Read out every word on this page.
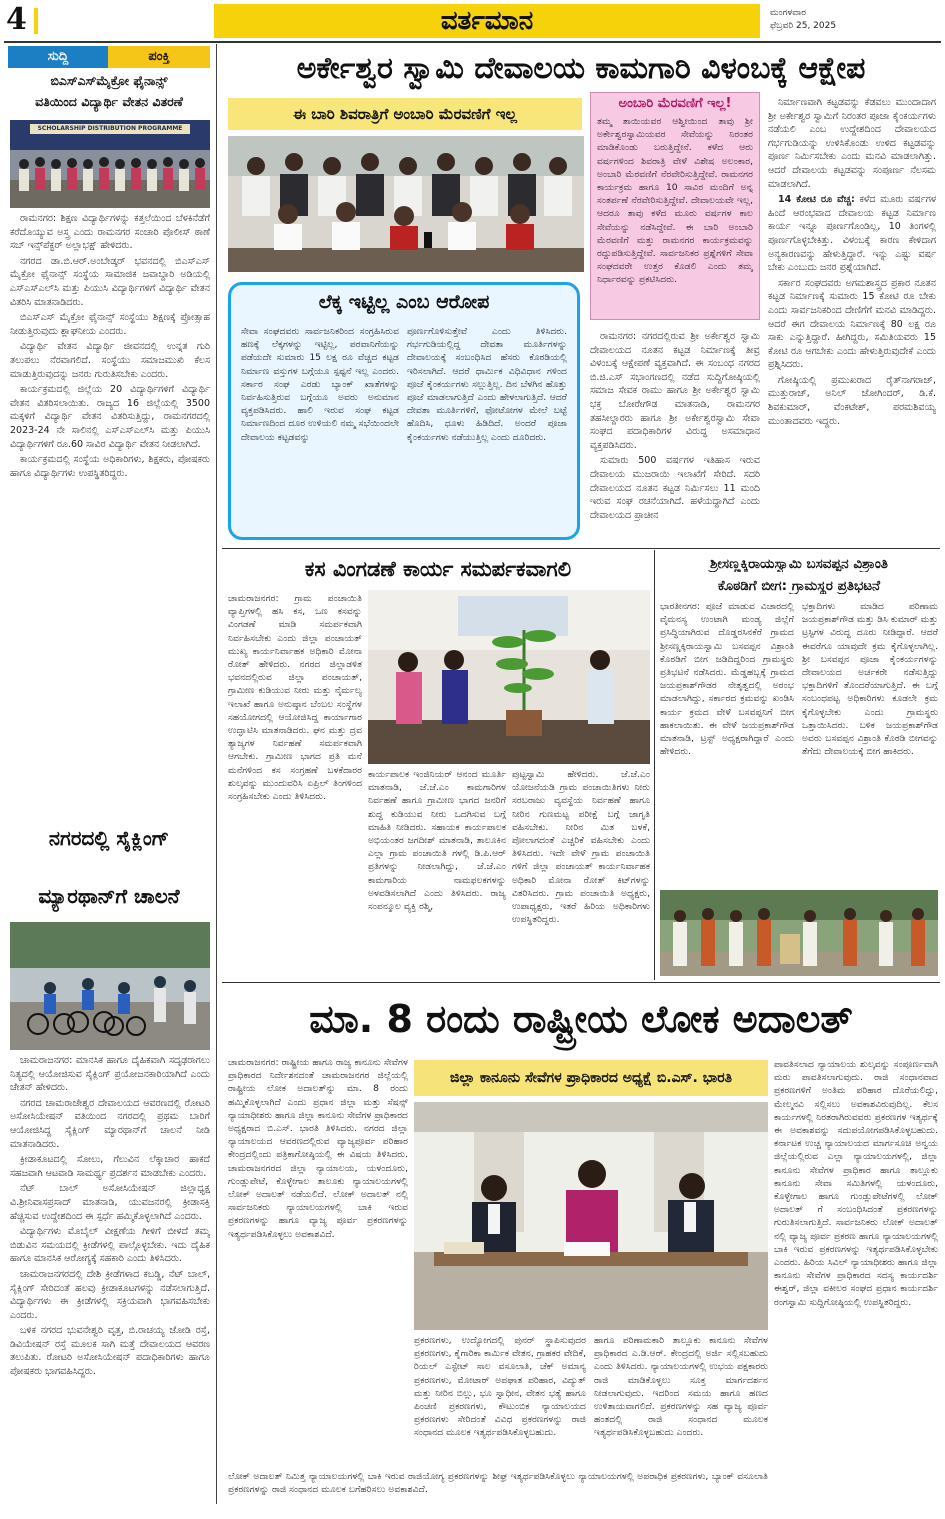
4	ವರ್ತಮಾನ	ಮಂಗಳವಾರ
ಫೆಬ್ರವರಿ 25, 2025
ಸುದ್ದಿ	ಪಂಕ್ತಿ
ಬಿಎಸ್‌ಎಸ್‌ಮೈಕ್ರೋ ಫೈನಾನ್ಸ್
ವತಿಯಿಂದ ವಿದ್ಯಾರ್ಥಿ ವೇತನ ವಿತರಣೆ
SCHOLARSHIP DISTRIBUTION PROGRAMME

ರಾಮನಗರ: ಶಿಕ್ಷಣ ವಿದ್ಯಾರ್ಥಿಗಳನ್ನು ಕತ್ತಲೆಯಿಂದ ಬೆಳಕಿನೆಡೆಗೆ ಕರೆದೊಯ್ಯುವ ಅಸ್ತ್ರ ಎಂದು ರಾಮನಗರ ಸಂಚಾರಿ ಪೊಲೀಸ್ ಠಾಣೆ ಸಬ್ ಇನ್ಸ್‌ಪೆಕ್ಟರ್ ಅಲ್ಲಾಭಕ್ಷ್ ಹೇಳಿದರು.

ನಗರದ ಡಾ.ಬಿ.ಆರ್.ಅಂಬೇಡ್ಕರ್ ಭವನದಲ್ಲಿ ಬಿಎಸ್‌ಎಸ್ ಮೈಕ್ರೋ ಫೈನಾನ್ಸ್ ಸಂಸ್ಥೆಯ ಸಾಮಾಜಿಕ ಜವಾಬ್ದಾರಿ ಅಡಿಯಲ್ಲಿ ಎಸ್ಎಸ್ಎಲ್‌ಸಿ ಮತ್ತು ಪಿಯುಸಿ ವಿದ್ಯಾರ್ಥಿಗಳಿಗೆ ವಿದ್ಯಾರ್ಥಿ ವೇತನ ವಿತರಿಸಿ ಮಾತನಾಡಿದರು.

ಬಿಎಸ್‌ಎಸ್ ಮೈಕ್ರೋ ಫೈನಾನ್ಸ್ ಸಂಸ್ಥೆಯು ಶಿಕ್ಷಣಕ್ಕೆ ಪ್ರೋತ್ಸಾಹ ನೀಡುತ್ತಿರುವುದು ಶ್ಲಾಘನೀಯ ಎಂದರು.

ವಿದ್ಯಾರ್ಥಿ ವೇತನ ವಿದ್ಯಾರ್ಥಿ ಜೀವನದಲ್ಲಿ ಉನ್ನತ ಗುರಿ ತಲುಪಲು ನೆರವಾಗಲಿದೆ. ಸಂಸ್ಥೆಯು ಸಮಾಜಮುಖಿ ಕೆಲಸ ಮಾಡುತ್ತಿರುವುದನ್ನು ಜನರು ಗುರುತಿಸಬೇಕು ಎಂದರು.

ಕಾರ್ಯಕ್ರಮದಲ್ಲಿ ಜಿಲ್ಲೆಯ 20 ವಿದ್ಯಾರ್ಥಿಗಳಿಗೆ ವಿದ್ಯಾರ್ಥಿ ವೇತನ ವಿತರಿಸಲಾಯಿತು. ರಾಜ್ಯದ 16 ಜಿಲ್ಲೆಯಲ್ಲಿ 3500 ಮಕ್ಕಳಿಗೆ ವಿದ್ಯಾರ್ಥಿ ವೇತನ ವಿತರಿಸುತ್ತಿದ್ದು, ರಾಮನಗರದಲ್ಲಿ 2023-24 ನೇ ಸಾಲಿನಲ್ಲಿ ಎಸ್ಎಸ್ಎಲ್‌ಸಿ ಮತ್ತು ಪಿಯುಸಿ ವಿದ್ಯಾರ್ಥಿಗಳಿಗೆ ರೂ.60 ಸಾವಿರ ವಿದ್ಯಾರ್ಥಿ ವೇತನ ನೀಡಲಾಗಿದೆ.

ಕಾರ್ಯಕ್ರಮದಲ್ಲಿ ಸಂಸ್ಥೆಯ ಅಧಿಕಾರಿಗಳು, ಶಿಕ್ಷಕರು, ಪೋಷಕರು ಹಾಗೂ ವಿದ್ಯಾರ್ಥಿಗಳು ಉಪಸ್ಥಿತರಿದ್ದರು.

ನಗರದಲ್ಲಿ ಸೈಕ್ಲಿಂಗ್
ಮ್ಯಾರಥಾನ್‌ಗೆ ಚಾಲನೆ

ಚಾಮರಾಜನಗರ: ಮಾನಸಿಕ ಹಾಗೂ ದೈಹಿಕವಾಗಿ ಸದೃಢರಾಗಲು ನಿತ್ಯದಲ್ಲಿ ಆಯೋಜಿಸುವ ಸೈಕ್ಲಿಂಗ್ ಪ್ರಯೋಜನಕಾರಿಯಾಗಿದೆ ಎಂದು ಚೇತನ್ ಹೇಳಿದರು.

ನಗರದ ಚಾಮರಾಜೇಶ್ವರ ದೇವಾಲಯದ ಆವರಣದಲ್ಲಿ ರೋಟರಿ ಅಸೋಸಿಯೇಷನ್ ವತಿಯಿಂದ ನಗರದಲ್ಲಿ ಪ್ರಥಮ ಬಾರಿಗೆ ಆಯೋಜಿಸಿದ್ದ ಸೈಕ್ಲಿಂಗ್ ಮ್ಯಾರಥಾನ್‌ಗೆ ಚಾಲನೆ ನೀಡಿ ಮಾತನಾಡಿದರು.

ಕ್ರೀಡಾಕೂಟದಲ್ಲಿ ಸೋಲು, ಗೆಲುವಿನ ಲೆಕ್ಕಾಚಾರ ಹಾಕದೆ ಸಹಜವಾಗಿ ಆಟವಾಡಿ ಸಾಮರ್ಥ್ಯ ಪ್ರದರ್ಶನ ಮಾಡಬೇಕು ಎಂದರು.

ನೆಟ್ ಬಾಲ್ ಅಸೋಸಿಯೇಷನ್ ಜಿಲ್ಲಾಧ್ಯಕ್ಷ ವಿ.ಶ್ರೀನಿವಾಸಪ್ರಸಾದ್ ಮಾತನಾಡಿ, ಯುವಜನರಲ್ಲಿ ಕ್ರೀಡಾಸಕ್ತಿ ಹೆಚ್ಚಿಸುವ ಉದ್ದೇಶದಿಂದ ಈ ಸ್ಪರ್ಧೆ ಹಮ್ಮಿಕೊಳ್ಳಲಾಗಿದೆ ಎಂದರು.

ವಿದ್ಯಾರ್ಥಿಗಳು ಮೊಬೈಲ್ ವೀಕ್ಷಣೆಯ ಗೀಳಿಗೆ ಬೀಳದೆ ತಮ್ಮ ಬಿಡುವಿನ ಸಮಯದಲ್ಲಿ ಕ್ರೀಡೆಗಳಲ್ಲಿ ಪಾಲ್ಗೊಳ್ಳಬೇಕು. ಇದು ದೈಹಿಕ ಹಾಗೂ ಮಾನಸಿಕ ಆರೋಗ್ಯಕ್ಕೆ ಸಹಕಾರಿ ಎಂದು ತಿಳಿಸಿದರು.

ಚಾಮರಾಜನಗರದಲ್ಲಿ ದೇಶಿ ಕ್ರೀಡೆಗಳಾದ ಕಬಡ್ಡಿ, ನೆಟ್ ಬಾಲ್, ಸೈಕ್ಲಿಂಗ್ ಸೇರಿದಂತೆ ಹಲವು ಕ್ರೀಡಾಕೂಟಗಳನ್ನು ನಡೆಸಲಾಗುತ್ತಿದೆ. ವಿದ್ಯಾರ್ಥಿಗಳು ಈ ಕ್ರೀಡೆಗಳಲ್ಲಿ ಸಕ್ರಿಯವಾಗಿ ಭಾಗವಹಿಸಬೇಕು ಎಂದರು.

ಬಳಿಕ ನಗರದ ಭುವನೇಶ್ವರಿ ವೃತ್ತ, ಬಿ.ರಾಚಯ್ಯ ಜೋಡಿ ರಸ್ತೆ, ಡಿವಿಯೇಷನ್ ರಸ್ತೆ ಮೂಲಕ ಸಾಗಿ ಮತ್ತೆ ದೇವಾಲಯದ ಆವರಣ ತಲುಪಿತು. ರೋಟರಿ ಅಸೋಸಿಯೇಷನ್ ಪದಾಧಿಕಾರಿಗಳು ಹಾಗೂ ಪೋಷಕರು ಭಾಗವಹಿಸಿದ್ದರು.

ಅರ್ಕೇಶ್ವರ ಸ್ವಾಮಿ ದೇವಾಲಯ ಕಾಮಗಾರಿ ವಿಳಂಬಕ್ಕೆ ಆಕ್ಷೇಪ
ಈ ಬಾರಿ ಶಿವರಾತ್ರಿಗೆ ಅಂಬಾರಿ ಮೆರವಣಿಗೆ ಇಲ್ಲ
ಅಂಬಾರಿ ಮೆರವಣಿಗೆ ಇಲ್ಲ!
ತಮ್ಮ ತಾಯಿಯವರ ಆಶ್ವೀಯಿಂದ ತಾವು ಶ್ರೀ ಅರ್ಕೇಶ್ವರಸ್ವಾಮಿಯವರ ಸೇವೆಯನ್ನು ನಿರಂತರ ಮಾಡಿಕೊಂಡು ಬರುತ್ತಿದ್ದೇನೆ. ಕಳೆದ ಆರು ವರ್ಷಗಳಿಂದ ಶಿವರಾತ್ರಿ ವೇಳೆ ವಿಶೇಷ ಅಲಂಕಾರ, ಅಂಬಾರಿ ಮೆರವಣಿಗೆ ನೆರವೇರಿಸುತ್ತಿದ್ದೇವೆ. ರಾಮನಗರ ಕಾರ್ಯಕ್ರಮ ಹಾಗೂ 10 ಸಾವಿರ ಮಂದಿಗೆ ಅನ್ನ ಸಂತರ್ಪಣೆ ನೆರವೇರಿಸುತ್ತಿದ್ದೇವೆ. ದೇವಾಲಯವೇ ಇಲ್ಲ, ಆದರೂ ತಾವು ಕಳೆದ ಮೂರು ವರ್ಷಗಳ ಕಾಲ ಸೇವೆಯನ್ನು ನಡೆಸಿದ್ದೇವೆ. ಈ ಬಾರಿ ಅಂಬಾರಿ ಮೆರವಣಿಗೆ ಮತ್ತು ರಾಮನಗರ ಕಾರ್ಯಕ್ರಮವನ್ನು ರದ್ದುಪಡಿಸುತ್ತಿದ್ದೇವೆ. ಸಾರ್ವಜನಿಕರ ಪ್ರಶ್ನೆಗಳಿಗೆ ಸೇವಾ ಸಂಘದವರೇ ಉತ್ತರ ಕೊಡಲಿ ಎಂದು ತಮ್ಮ ನಿರ್ಧಾರವನ್ನು ಪ್ರಕಟಿಸಿದರು.

ನಿರ್ಮಾಣವಾಗಿ ಕಟ್ಟಡವನ್ನು ಕೆಡವಲು ಮುಂದಾದಾಗ ಶ್ರೀ ಅರ್ಕೇಶ್ವರ ಸ್ವಾಮಿಗೆ ನಿರಂತರ ಪೂಜಾ ಕೈಂಕರ್ಯಗಳು ನಡೆಯಲಿ ಎಂಬ ಉದ್ದೇಶದಿಂದ ದೇವಾಲಯದ ಗರ್ಭಗುಡಿಯನ್ನು ಉಳಿಸಿಕೊಂಡು ಉಳಿದ ಕಟ್ಟಡವನ್ನು ಪೂರ್ಣ ನಿರ್ಮಿಸಬೇಕು ಎಂದು ಮನವಿ ಮಾಡಲಾಗಿತ್ತು. ಆದರೆ ದೇವಾಲಯ ಕಟ್ಟಡವನ್ನು ಸಂಪೂರ್ಣ ನೆಲಸಮ ಮಾಡಲಾಗಿದೆ.

14 ಕೋಟಿ ರೂ ವೆಚ್ಚ: ಕಳೆದ ಮೂರು ವರ್ಷಗಳ ಹಿಂದೆ ಆರಂಭವಾದ ದೇವಾಲಯ ಕಟ್ಟಡ ನಿರ್ಮಾಣ ಕಾರ್ಯ ಇನ್ನೂ ಪೂರ್ಣಗೊಂಡಿಲ್ಲ, 10 ತಿಂಗಳಲ್ಲಿ ಪೂರ್ಣಗೊಳ್ಳಬೇಕಿತ್ತು. ವಿಳಂಬಕ್ಕೆ ಕಾರಣ ಕೇಳಿದಾಗ ಅನ್ಯಕಾರಣವನ್ನು ಹೇಳುತ್ತಿದ್ದಾರೆ. ಇನ್ನು ಎಷ್ಟು ವರ್ಷ ಬೇಕು ಎಂಬುದು ಜನರ ಪ್ರಶ್ನೆಯಾಗಿದೆ.

ಸರ್ಕಾರ ಸಂಘದವರು ಅಗಮಶಾಸ್ತ್ರದ ಪ್ರಕಾರ ನೂತನ ಕಟ್ಟಡ ನಿರ್ಮಾಣಕ್ಕೆ ಸುಮಾರು 15 ಕೋಟಿ ರೂ ಬೇಕು ಎಂದು ಸಾರ್ವಜನಿಕರಿಂದ ದೇಣಿಗೆಗೆ ಮನವಿ ಮಾಡಿದ್ದರು. ಆದರೆ ಈಗ ದೇವಾಲಯ ನಿರ್ಮಾಣಕ್ಕೆ 80 ಲಕ್ಷ ರೂ ಸಾಕು ಎನ್ನುತ್ತಿದ್ದಾರೆ. ಹೀಗಿದ್ದರು, ಸಮಿತಿಯವರು 15 ಕೋಟಿ ರೂ ಆಗಬೇಕು ಎಂದು ಹೇಳುತ್ತಿರುವುದೇಕೆ ಎಂದು ಪ್ರಶ್ನಿಸಿದರು.

ಗೋಷ್ಠಿಯಲ್ಲಿ ಪ್ರಮುಖರಾದ ರೈತ್‌ನಾಗರಾಜ್, ಮುತ್ತುರಾಜ್, ಅನಿಲ್ ಜೋಗಿಂದರ್, ಡಿ.ಕೆ. ಶಿವಕುಮಾರ್, ವೆಂಕಟೇಶ್, ಪರಮಶಿವಯ್ಯ ಮುಂತಾದವರು ಇದ್ದರು.

ಲೆಕ್ಕ ಇಟ್ಟಿಲ್ಲ ಎಂಬ ಆರೋಪ
ಸೇವಾ ಸಂಘದವರು ಸಾರ್ವಜನಿಕರಿಂದ ಸಂಗ್ರಹಿಸಿರುವ ಹಣಕ್ಕೆ ಲೆಕ್ಕಗಳನ್ನು ಇಟ್ಟಿಲ್ಲ, ಪರವಾನಿಗೆಯನ್ನು ಪಡೆಯದೇ ಸುಮಾರು 15 ಲಕ್ಷ ರೂ ವೆಚ್ಚದ ಕಟ್ಟಡ ನಿರ್ಮಾಣ ವಸ್ತುಗಳ ಬಗ್ಗೆಯೂ ಸ್ಪಷ್ಟನೆ ಇಲ್ಲ ಎಂದರು. ಸರ್ಕಾರ ಸಂಘ ಎರಡು ಬ್ಯಾಂಕ್ ಖಾತೆಗಳನ್ನು ನಿರ್ವಹಿಸುತ್ತಿರುವ ಬಗ್ಗೆಯೂ ಅವರು ಅನುಮಾನ ವ್ಯಕ್ತಪಡಿಸಿದರು. ಹಾಲಿ ಇರುವ ಸಂಘ ಕಟ್ಟಡ ನಿರ್ಮಾಣದಿಂದ ದೂರ ಉಳಿಯಲಿ ನಮ್ಮ ಸಭೆಯಿಂದಲೇ ದೇವಾಲಯ ಕಟ್ಟಡವನ್ನು
ಪೂರ್ಣಗೊಳಿಸುತ್ತೇವೆ ಎಂದು ತಿಳಿಸಿದರು. ಗರ್ಭಗುಡಿಯಲ್ಲಿದ್ದ ದೇವತಾ ಮೂರ್ತಿಗಳನ್ನು ದೇವಾಲಯಕ್ಕೆ ಸಂಬಂಧಿಸಿದ ಹೆಸರು ಕೊಠಡಿಯಲ್ಲಿ ಇರಿಸಲಾಗಿದೆ. ಆದರೆ ಧಾರ್ಮಿಕ ವಿಧಿವಿಧಾನ ಗಳಿಂದ ಪೂಜೆ ಕೈಂಕರ್ಯಗಳು ಸಲ್ಲುತ್ತಿಲ್ಲ. ದಿನ ಬೆಳಗಿನ ಹೊತ್ತು ಪೂಜೆ ಮಾಡಲಾಗುತ್ತಿದೆ ಎಂದು ಹೇಳಲಾಗುತ್ತಿದೆ. ಆದರೆ ದೇವತಾ ಮೂರ್ತಿಗಳಿಗೆ, ಫೋಟೋಗಳ ಮೇಲೆ ಬಟ್ಟೆ ಹೊದಿಸಿ, ಧೂಳು ಹಿಡಿದಿದೆ. ಅಂದರೆ ಪೂಜಾ ಕೈಂಕರ್ಯಗಳು ನಡೆಯುತ್ತಿಲ್ಲ ಎಂದು ದೂರಿದರು.

ರಾಮನಗರ: ನಗರದಲ್ಲಿರುವ ಶ್ರೀ ಅರ್ಕೇಶ್ವರ ಸ್ವಾಮಿ ದೇವಾಲಯದ ನೂತನ ಕಟ್ಟಡ ನಿರ್ಮಾಣಕ್ಕೆ ತೀವ್ರ ವಿಳಂಬಕ್ಕೆ ಆಕ್ಷೇಪಣೆ ವ್ಯಕ್ತವಾಗಿದೆ. ಈ ಸಂಬಂಧ ನಗರದ ಬಿ.ಜಿ.ಎಸ್ ಸಭಾಂಗಣದಲ್ಲಿ ನಡೆದ ಸುದ್ದಿಗೋಷ್ಠಿಯಲ್ಲಿ ಸಮಾಜ ಸೇವಕ ರಾಮು ಹಾಗೂ ಶ್ರೀ ಅರ್ಕೇಶ್ವರ ಸ್ವಾಮಿ ಭಕ್ತ ಬೋರೇಗೌಡ ಮಾತನಾಡಿ, ರಾಮನಗರ ತಹಸೀಲ್ದಾರರು ಹಾಗೂ ಶ್ರೀ ಅರ್ಕೇಶ್ವರಸ್ವಾಮಿ ಸೇವಾ ಸಂಘದ ಪದಾಧಿಕಾರಿಗಳ ವಿರುದ್ಧ ಅಸಮಾಧಾನ ವ್ಯಕ್ತಪಡಿಸಿದರು.

ಸುಮಾರು 500 ವರ್ಷಗಳ ಇತಿಹಾಸ ಇರುವ ದೇವಾಲಯ ಮುಜರಾಯಿ ಇಲಾಖೆಗೆ ಸೇರಿದೆ. ಸದರಿ ದೇವಾಲಯದ ನೂತನ ಕಟ್ಟಡ ನಿರ್ಮಿಸಲು 11 ಮಂದಿ ಇರುವ ಸಂಘ ರಚನೆಯಾಗಿದೆ. ಹಳೆಯದ್ದಾಗಿದೆ ಎಂದು ದೇವಾಲಯದ ಪ್ರಾಚೀನ

ಕಸ ವಿಂಗಡಣೆ ಕಾರ್ಯ ಸಮರ್ಪಕವಾಗಲಿ
ಚಾಮರಾಜನಗರ: ಗ್ರಾಮ ಪಂಚಾಯಿತಿ ವ್ಯಾಪ್ತಿಗಳಲ್ಲಿ ಹಸಿ ಕಸ, ಒಣ ಕಸವನ್ನು ವಿಂಗಡಣೆ ಮಾಡಿ ಸಮರ್ಪಕವಾಗಿ ನಿರ್ವಹಿಸಬೇಕು ಎಂದು ಜಿಲ್ಲಾ ಪಂಚಾಯತ್ ಮುಖ್ಯ ಕಾರ್ಯನಿರ್ವಾಹಕ ಅಧಿಕಾರಿ ಮೋನಾ ರೋತ್ ಹೇಳಿದರು. ನಗರದ ಜಿಲ್ಲಾಡಳಿತ ಭವನದಲ್ಲಿರುವ ಜಿಲ್ಲಾ ಪಂಚಾಯತ್, ಗ್ರಾಮೀಣ ಕುಡಿಯುವ ನೀರು ಮತ್ತು ನೈರ್ಮಲ್ಯ ಇಲಾಖೆ ಹಾಗೂ ಅನುಷ್ಠಾನ ಬೆಂಬಲ ಸಂಸ್ಥೆಗಳ ಸಹಯೋಗದಲ್ಲಿ ಆಯೋಜಿಸಿದ್ದ ಕಾರ್ಯಾಗಾರ ಉದ್ಘಾಟಿಸಿ ಮಾತನಾಡಿದರು. ಘನ ಮತ್ತು ದ್ರವ ತ್ಯಾಜ್ಯಗಳ ನಿರ್ವಹಣೆ ಸಮರ್ಪಕವಾಗಿ ಆಗಬೇಕು. ಗ್ರಾಮೀಣ ಭಾಗದ ಪ್ರತಿ ಮನೆ ಮನೆಗಳಿಂದ ಕಸ ಸಂಗ್ರಹಣೆ ಬಳಕೆದಾರರ ಶುಲ್ಕವನ್ನು ಮುಂದುವರಿಸಿ ಏಪ್ರಿಲ್ ತಿಂಗಳಿಂದ ಸಂಗ್ರಹಿಸಬೇಕು ಎಂದು ತಿಳಿಸಿದರು.
ಕಾರ್ಯಪಾಲಕ ಇಂಜಿನಿಯರ್ ಆನಂದ ಮೂರ್ತಿ ಮಾತನಾಡಿ, ಜೆ.ಜೆ.ಎಂ ಕಾಮಗಾರಿಗಳ ನಿರ್ವಹಣೆ ಹಾಗೂ ಗ್ರಾಮೀಣ ಭಾಗದ ಜನರಿಗೆ ಶುದ್ಧ ಕುಡಿಯುವ ನೀರು ಒದಗಿಸುವ ಬಗ್ಗೆ ಮಾಹಿತಿ ನೀಡಿದರು. ಸಹಾಯಕ ಕಾರ್ಯಪಾಲಕ ಅಭಿಯಂತರ ಜಗದೀಶ್ ಮಾತನಾಡಿ, ತಾಲೂಕಿನ ಎಲ್ಲಾ ಗ್ರಾಮ ಪಂಚಾಯಿತಿ ಗಳಲ್ಲಿ ಡಿ.ಪಿ.ಆರ್ ಪ್ರತಿಗಳನ್ನು ನೀಡಲಾಗಿದ್ದು, ಜೆ.ಜೆ.ಎಂ ಕಾಮಗಾರಿಯ ನಾಮಫಲಕಗಳನ್ನು ಅಳವಡಿಸಲಾಗಿದೆ ಎಂದು ತಿಳಿಸಿದರು. ರಾಜ್ಯ ಸಂಪನ್ಮೂಲ ವ್ಯಕ್ತಿ ರಶ್ಮಿ,
ಪುಟ್ಟಸ್ವಾಮಿ ಹೇಳಿದರು. ಜೆ.ಜೆ.ಎಂ ಯೋಜನೆಯಡಿ ಗ್ರಾಮ ಪಂಚಾಯಿತಿಗಳು ನೀರು ಸರಬರಾಜು ವ್ಯವಸ್ಥೆಯ ನಿರ್ವಹಣೆ ಹಾಗೂ ನೀರಿನ ಗುಣಮಟ್ಟ ಪರೀಕ್ಷೆ ಬಗ್ಗೆ ಜಾಗೃತಿ ವಹಿಸಬೇಕು. ನೀರಿನ ಮಿತ ಬಳಕೆ, ಪೋಲಾಗದಂತೆ ಎಚ್ಚರಿಕೆ ವಹಿಸಬೇಕು ಎಂದು ತಿಳಿಸಿದರು. ಇದೇ ವೇಳೆ ಗ್ರಾಮ ಪಂಚಾಯಿತಿ ಗಳಿಗೆ ಜಿಲ್ಲಾ ಪಂಚಾಯತ್ ಕಾರ್ಯನಿರ್ವಾಹಕ ಅಧಿಕಾರಿ ಮೋನಾ ರೋತ್ ಕಿಟ್‌ಗಳನ್ನು ವಿತರಿಸಿದರು. ಗ್ರಾಮ ಪಂಚಾಯಿತಿ ಅಧ್ಯಕ್ಷರು, ಉಪಾಧ್ಯಕ್ಷರು, ಇತರೆ ಹಿರಿಯ ಅಧಿಕಾರಿಗಳು ಉಪಸ್ಥಿತರಿದ್ದರು.
ಶ್ರೀಸಣ್ಣಕ್ಕಿರಾಯಸ್ವಾಮಿ ಬಸವಪ್ಪನ ವಿಶ್ರಾಂತಿ
ಕೊಠಡಿಗೆ ಬೀಗ: ಗ್ರಾಮಸ್ಥರ ಪ್ರತಿಭಟನೆ
ಭಾರತೀನಗರ: ಪೂಜೆ ಮಾಡುವ ವಿಚಾರದಲ್ಲಿ ವೈಮನಸ್ಯ ಉಂಟಾಗಿ ಮಂಡ್ಯ ಜಿಲ್ಲೆಗೆ ಪ್ರಸಿದ್ಧಿಯಾಗಿರುವ ದೊಡ್ಡರಸಿನಕೆರೆ ಗ್ರಾಮದ ಶ್ರೀಸಣ್ಣಕ್ಕಿರಾಯಸ್ವಾಮಿ ಬಸವಪ್ಪನ ವಿಶ್ರಾಂತಿ ಕೊಠಡಿಗೆ ಬೀಗ ಜಡಿದಿದ್ದರಿಂದ ಗ್ರಾಮಸ್ಥರು ಪ್ರತಿಭಟನೆ ನಡೆಸಿದರು. ಮೆಡ್ಡಹಬ್ಬಕ್ಕೆ ಗ್ರಾಮದ ಜಯಪ್ರಕಾಶ್‌ಗೌಡರ ನೇತೃತ್ವದಲ್ಲಿ ಅರಂಭ ಮಾಡಲಾಗಿದ್ದು, ಸರ್ಕಾರದ ಕ್ರಮವನ್ನು ಖಂಡಿಸಿ ಕಾರ್ಯ ಕ್ರಮದ ವೇಳೆ ಬಸವಪ್ಪನಿಗೆ ಬೀಗ ಹಾಕಲಾಯಿತು. ಈ ವೇಳೆ ಜಯಪ್ರಕಾಶ್‌ಗೌಡ ಮಾತನಾಡಿ, ಟ್ರಸ್ಟ್ ಅಧ್ಯಕ್ಷರಾಗಿದ್ದಾರೆ ಎಂದು ಹೇಳಿದರು.
ಭಕ್ತಾದಿಗಳು ಮಾಡಿದ ಪರಿಣಾಮ ಜಯಪ್ರಕಾಶ್‌ಗೌಡ ಮತ್ತು ಡಿಸಿ ಕುಮಾರ್ ಮತ್ತು ಟ್ರಸ್ಟಿಗಳ ವಿರುದ್ಧ ದೂರು ನೀಡಿದ್ದಾರೆ. ಆದರೆ ಈವರೆಗೂ ಯಾವುದೇ ಕ್ರಮ ಕೈಗೊಳ್ಳಲಾಗಿಲ್ಲ. ಶ್ರೀ ಬಸವಪ್ಪನ ಪೂಜಾ ಕೈಂಕರ್ಯಗಳನ್ನು ದೇವಾಲಯದ ಅರ್ಚಕರೇ ನಡೆಸುತ್ತಿದ್ದು ಭಕ್ತಾದಿಗಳಿಗೆ ತೊಂದರೆಯಾಗುತ್ತಿದೆ. ಈ ಬಗ್ಗೆ ಸಂಬಂಧಪಟ್ಟ ಅಧಿಕಾರಿಗಳು ಕೂಡಲೇ ಕ್ರಮ ಕೈಗೊಳ್ಳಬೇಕು ಎಂದು ಗ್ರಾಮಸ್ಥರು ಒತ್ತಾಯಿಸಿದರು. ಬಳಿಕ ಜಯಪ್ರಕಾಶ್‌ಗೌಡ ಅವರು ಬಸವಪ್ಪನ ವಿಶ್ರಾಂತಿ ಕೊಠಡಿ ಬೀಗವನ್ನು ತೆಗೆದು ದೇವಾಲಯಕ್ಕೆ ಬೀಗ ಹಾಕಿದರು.
ಮಾ. 8 ರಂದು ರಾಷ್ಟ್ರೀಯ ಲೋಕ ಅದಾಲತ್
ಚಾಮರಾಜನಗರ: ರಾಷ್ಟ್ರೀಯ ಹಾಗೂ ರಾಜ್ಯ ಕಾನೂನು ಸೇವೆಗಳ ಪ್ರಾಧಿಕಾರದ ನಿರ್ದೇಶನದಂತೆ ಚಾಮರಾಜನಗರ ಜಿಲ್ಲೆಯಲ್ಲಿ ರಾಷ್ಟ್ರೀಯ ಲೋಕ ಅದಾಲತ್‌ನ್ನು ಮಾ. 8 ರಂದು ಹಮ್ಮಿಕೊಳ್ಳಲಾಗಿದೆ ಎಂದು ಪ್ರಧಾನ ಜಿಲ್ಲಾ ಮತ್ತು ಸೆಷನ್ಸ್ ನ್ಯಾಯಾಧೀಶರು ಹಾಗೂ ಜಿಲ್ಲಾ ಕಾನೂನು ಸೇವೆಗಳ ಪ್ರಾಧಿಕಾರದ ಅಧ್ಯಕ್ಷರಾದ ಬಿ.ಎಸ್. ಭಾರತಿ ತಿಳಿಸಿದರು. ನಗರದ ಜಿಲ್ಲಾ ನ್ಯಾಯಾಲಯದ ಆವರಣದಲ್ಲಿರುವ ವ್ಯಾಜ್ಯಪೂರ್ವ ಪರಿಹಾರ ಕೇಂದ್ರದಲ್ಲಿಂದು ಪತ್ರಿಕಾಗೋಷ್ಠಿಯಲ್ಲಿ ಈ ವಿಷಯ ತಿಳಿಸಿದರು. ಚಾಮರಾಜನಗರದ ಜಿಲ್ಲಾ ನ್ಯಾಯಾಲಯ, ಯಳಂದೂರು, ಗುಂಡ್ಲುಪೇಟೆ, ಕೊಳ್ಳೇಗಾಲ ತಾಲೂಕು ನ್ಯಾಯಾಲಯಗಳಲ್ಲಿ ಲೋಕ್ ಅದಾಲತ್ ನಡೆಯಲಿದೆ. ಲೋಕ್ ಅದಾಲತ್ ನಲ್ಲಿ ಸಾರ್ವಜನಿಕರು ನ್ಯಾಯಾಲಯಗಳಲ್ಲಿ ಬಾಕಿ ಇರುವ ಪ್ರಕರಣಗಳನ್ನು ಹಾಗೂ ವ್ಯಾಜ್ಯ ಪೂರ್ವ ಪ್ರಕರಣಗಳನ್ನು ಇತ್ಯರ್ಥಪಡಿಸಿಕೊಳ್ಳಲು ಅವಕಾಶವಿದೆ.
ಜಿಲ್ಲಾ ಕಾನೂನು ಸೇವೆಗಳ ಪ್ರಾಧಿಕಾರದ ಅಧ್ಯಕ್ಷೆ ಬಿ.ಎಸ್. ಭಾರತಿ
ಪ್ರಕರಣಗಳು, ಉದ್ಯೋಗದಲ್ಲಿ ಪುನರ್ ಸ್ಥಾಪಿಸುವುದರ ಪ್ರಕರಣಗಳು, ಕೈಗಾರಿಕಾ ಕಾರ್ಮಿಕ ವೇತನ, ಗ್ರಾಹಕರ ವೇದಿಕೆ, ರಿಯಲ್ ಎಸ್ಟೇಟ್ ಸಾಲ ವಸೂಲಾತಿ, ಚೆಕ್ ಅಮಾನ್ಯ ಪ್ರಕರಣಗಳು, ಮೋಟಾರ್ ಅಪಘಾತ ಪರಿಹಾರ, ವಿದ್ಯುತ್ ಮತ್ತು ನೀರಿನ ಬಿಲ್ಲು, ಭೂ ಸ್ವಾಧೀನ, ವೇತನ ಭತ್ಯೆ ಹಾಗೂ ಪಿಂಚಣಿ ಪ್ರಕರಣಗಳು, ಕೌಟುಂಬಿಕ ನ್ಯಾಯಾಲಯದ ಪ್ರಕರಣಗಳು ಸೇರಿದಂತೆ ವಿವಿಧ ಪ್ರಕರಣಗಳನ್ನು ರಾಜಿ ಸಂಧಾನದ ಮೂಲಕ ಇತ್ಯರ್ಥಪಡಿಸಿಕೊಳ್ಳಬಹುದು.
ಹಾಗೂ ಪರಿಣಾಮಕಾರಿ ತಾಲ್ಲೂಕು ಕಾನೂನು ಸೇವೆಗಳ ಪ್ರಾಧಿಕಾರದ ಎ.ಡಿ.ಆರ್. ಕೇಂದ್ರದಲ್ಲಿ ಅರ್ಜಿ ಸಲ್ಲಿಸಬಹುದು ಎಂದು ತಿಳಿಸಿದರು. ನ್ಯಾಯಾಲಯಗಳಲ್ಲಿ ಉಭಯ ಪಕ್ಷಕಾರರು ರಾಜಿ ಮಾಡಿಕೊಳ್ಳಲು ಸೂಕ್ತ ಮಾರ್ಗದರ್ಶನ ನೀಡಲಾಗುವುದು. ಇದರಿಂದ ಸಮಯ ಹಾಗೂ ಹಣದ ಉಳಿತಾಯವಾಗಲಿದೆ. ಪ್ರಕರಣಗಳನ್ನು ಸಹ ವ್ಯಾಜ್ಯ ಪೂರ್ವ ಹಂತದಲ್ಲಿ ರಾಜಿ ಸಂಧಾನದ ಮೂಲಕ ಇತ್ಯರ್ಥಪಡಿಸಿಕೊಳ್ಳಬಹುದು ಎಂದರು.
ಪಾವತಿಸಲಾದ ನ್ಯಾಯಾಲಯ ಶುಲ್ಕವನ್ನು ಸಂಪೂರ್ಣವಾಗಿ ಮರು ಪಾವತಿಸಲಾಗುವುದು. ರಾಜಿ ಸಂಧಾನವಾದ ಪ್ರಕರಣಗಳಿಗೆ ಅಂತಿಮ ಪರಿಹಾರ ದೊರೆಯಲಿದ್ದು, ಮೇಲ್ಮನವಿ ಸಲ್ಲಿಸಲು ಅವಕಾಶವಿರುವುದಿಲ್ಲ. ಕೆಲಸ ಕಾರ್ಯಗಳಲ್ಲಿ ನಿರತರಾಗಿರುವವರು ಪ್ರಕರಣಗಳ ಇತ್ಯರ್ಥಕ್ಕೆ ಈ ಅವಕಾಶವನ್ನು ಸದುಪಯೋಗಪಡಿಸಿಕೊಳ್ಳಬಹುದು. ಕರ್ನಾಟಕ ಉಚ್ಚ ನ್ಯಾಯಾಲಯದ ಮಾರ್ಗಸೂಚಿ ಅನ್ವಯ ಜಿಲ್ಲೆಯಲ್ಲಿರುವ ಎಲ್ಲಾ ನ್ಯಾಯಾಲಯಗಳಲ್ಲಿ, ಜಿಲ್ಲಾ ಕಾನೂನು ಸೇವೆಗಳ ಪ್ರಾಧಿಕಾರ ಹಾಗೂ ತಾಲ್ಲೂಕು ಕಾನೂನು ಸೇವಾ ಸಮಿತಿಗಳಲ್ಲಿ ಯಳಂದೂರು, ಕೊಳ್ಳೇಗಾಲ ಹಾಗೂ ಗುಂಡ್ಲುಪೇಟೆಗಳಲ್ಲಿ ಲೋಕ್ ಅದಾಲತ್ ಗೆ ಸಂಬಂಧಿಸಿದಂತೆ ಪ್ರಕರಣಗಳನ್ನು ಗುರುತಿಸಲಾಗುತ್ತಿದೆ. ಸಾರ್ವಜನಿಕರು ಲೋಕ್ ಅದಾಲತ್ ನಲ್ಲಿ ವ್ಯಾಜ್ಯ ಪೂರ್ವ ಪ್ರಕರಣ ಹಾಗೂ ನ್ಯಾಯಾಲಯಗಳಲ್ಲಿ ಬಾಕಿ ಇರುವ ಪ್ರಕರಣಗಳನ್ನು ಇತ್ಯರ್ಥಪಡಿಸಿಕೊಳ್ಳಬೇಕು ಎಂದರು. ಹಿರಿಯ ಸಿವಿಲ್ ನ್ಯಾಯಾಧೀಶರು ಹಾಗೂ ಜಿಲ್ಲಾ ಕಾನೂನು ಸೇವೆಗಳ ಪ್ರಾಧಿಕಾರದ ಸದಸ್ಯ ಕಾರ್ಯದರ್ಶಿ ಈಶ್ವರ್, ಜಿಲ್ಲಾ ವಕೀಲರ ಸಂಘದ ಪ್ರಧಾನ ಕಾರ್ಯದರ್ಶಿ ರಂಗಸ್ವಾಮಿ ಸುದ್ದಿಗೋಷ್ಠಿಯಲ್ಲಿ ಉಪಸ್ಥಿತರಿದ್ದರು.
ಲೋಕ್ ಅದಾಲತ್ ನಿಮಿತ್ತ ನ್ಯಾಯಾಲಯಗಳಲ್ಲಿ ಬಾಕಿ ಇರುವ ರಾಜಿಯೋಗ್ಯ ಪ್ರಕರಣಗಳನ್ನು ಶೀಘ್ರ ಇತ್ಯರ್ಥಪಡಿಸಿಕೊಳ್ಳಲು ನ್ಯಾಯಾಲಯಗಳಲ್ಲಿ ಅಪರಾಧಿಕ ಪ್ರಕರಣಗಳು, ಬ್ಯಾಂಕ್ ವಸೂಲಾತಿ ಪ್ರಕರಣಗಳನ್ನು ರಾಜಿ ಸಂಧಾನದ ಮೂಲಕ ಬಗೆಹರಿಸಲು ಅವಕಾಶವಿದೆ.
